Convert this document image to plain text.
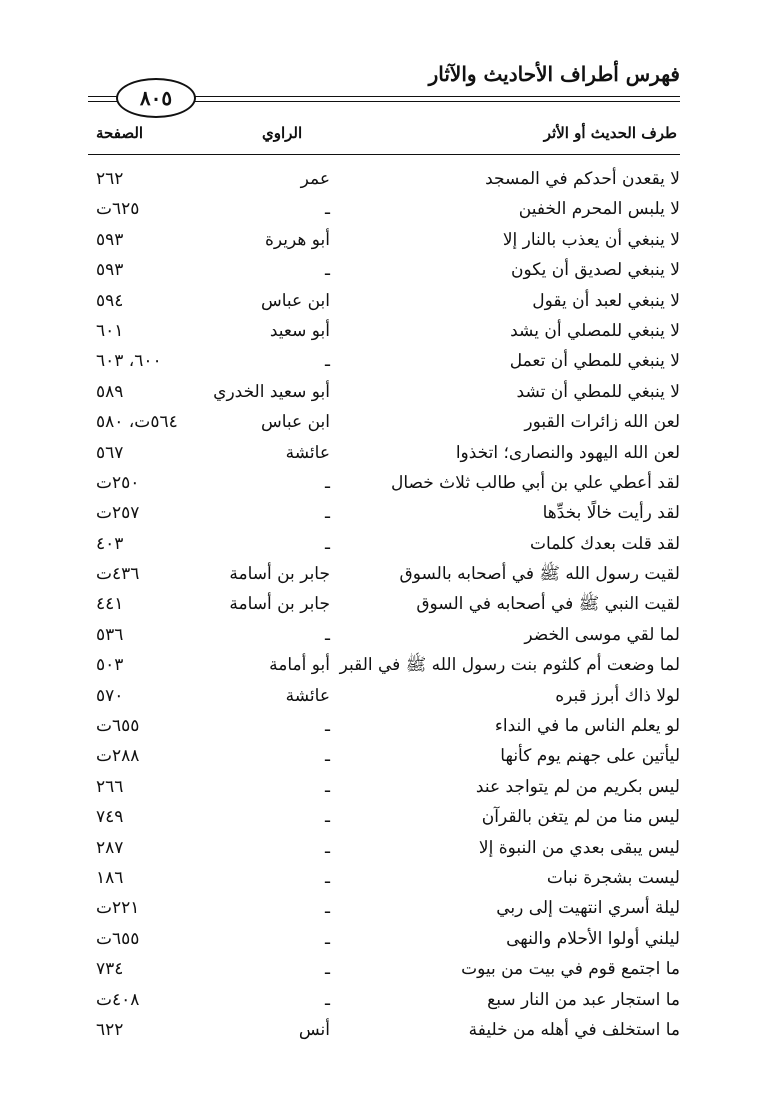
فهرس أطراف الأحاديث والآثار
٨٠٥
الصفحة	الراوي	طرف الحديث أو الأثر
لا يقعدن أحدكم في المسجد
عمر
٢٦٢
لا يلبس المحرم الخفين
ـ
٦٢٥ت
لا ينبغي أن يعذب بالنار إلا
أبو هريرة
٥٩٣
لا ينبغي لصديق أن يكون
ـ
٥٩٣
لا ينبغي لعبد أن يقول
ابن عباس
٥٩٤
لا ينبغي للمصلي أن يشد
أبو سعيد
٦٠١
لا ينبغي للمطي أن تعمل
ـ
٦٠٠، ٦٠٣
لا ينبغي للمطي أن تشد
أبو سعيد الخدري
٥٨٩
لعن الله زائرات القبور
ابن عباس
٥٦٤ت، ٥٨٠
لعن الله اليهود والنصارى؛ اتخذوا
عائشة
٥٦٧
لقد أعطي علي بن أبي طالب ثلاث خصال
ـ
٢٥٠ت
لقد رأيت خالًا بخدِّها
ـ
٢٥٧ت
لقد قلت بعدك كلمات
ـ
٤٠٣
لقيت رسول الله ﷺ في أصحابه بالسوق
جابر بن أسامة
٤٣٦ت
لقيت النبي ﷺ في أصحابه في السوق
جابر بن أسامة
٤٤١
لما لقي موسى الخضر
ـ
٥٣٦
لما وضعت أم كلثوم بنت رسول الله ﷺ في القبر
أبو أمامة
٥٠٣
لولا ذاك أبرز قبره
عائشة
٥٧٠
لو يعلم الناس ما في النداء
ـ
٦٥٥ت
ليأتين على جهنم يوم كأنها
ـ
٢٨٨ت
ليس بكريم من لم يتواجد عند
ـ
٢٦٦
ليس منا من لم يتغن بالقرآن
ـ
٧٤٩
ليس يبقى بعدي من النبوة إلا
ـ
٢٨٧
ليست بشجرة نبات
ـ
١٨٦
ليلة أسري انتهيت إلى ربي
ـ
٢٢١ت
ليلني أولوا الأحلام والنهى
ـ
٦٥٥ت
ما اجتمع قوم في بيت من بيوت
ـ
٧٣٤
ما استجار عبد من النار سبع
ـ
٤٠٨ت
ما استخلف في أهله من خليفة
أنس
٦٢٢
